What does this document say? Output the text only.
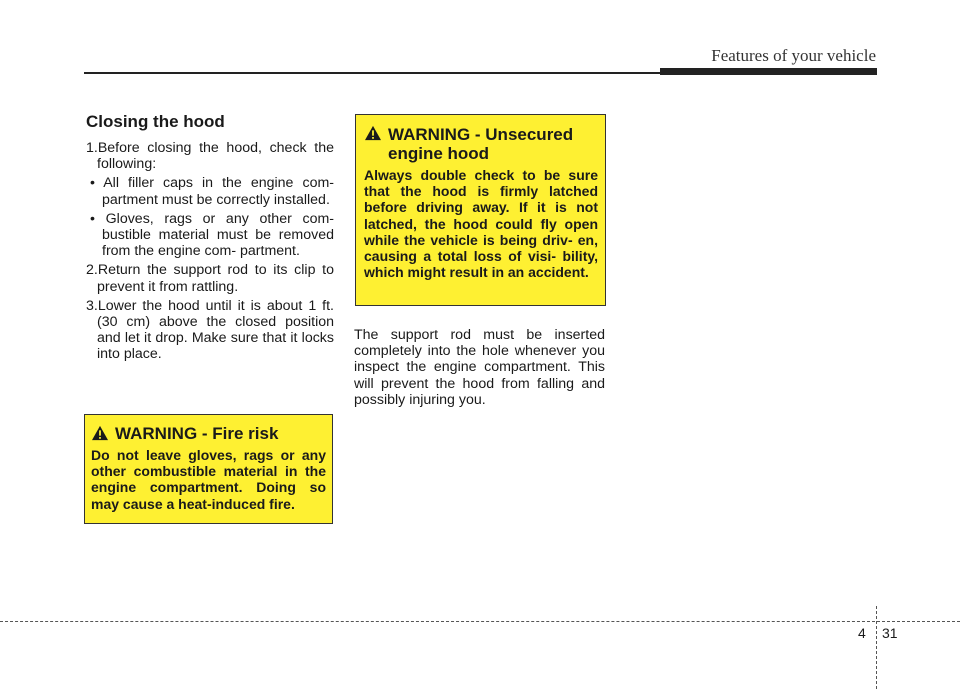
Features of your vehicle
Closing the hood

1.Before closing the hood, check the following:

• All filler caps in the engine com- partment must be correctly installed.

• Gloves, rags or any other com- bustible material must be removed from the engine com- partment.

2.Return the support rod to its clip to prevent it from rattling.

3.Lower the hood until it is about 1 ft. (30 cm) above the closed position and let it drop. Make sure that it locks into place.

WARNING - Fire risk

Do not leave gloves, rags or any other combustible material in the engine compartment. Doing so may cause a heat-induced fire.

WARNING - Unsecured engine hood

Always double check to be sure that the hood is firmly latched before driving away. If it is not latched, the hood could fly open while the vehicle is being driv- en, causing a total loss of visi- bility, which might result in an accident.

The support rod must be inserted completely into the hole whenever you inspect the engine compartment. This will prevent the hood from falling and possibly injuring you.

4 31
